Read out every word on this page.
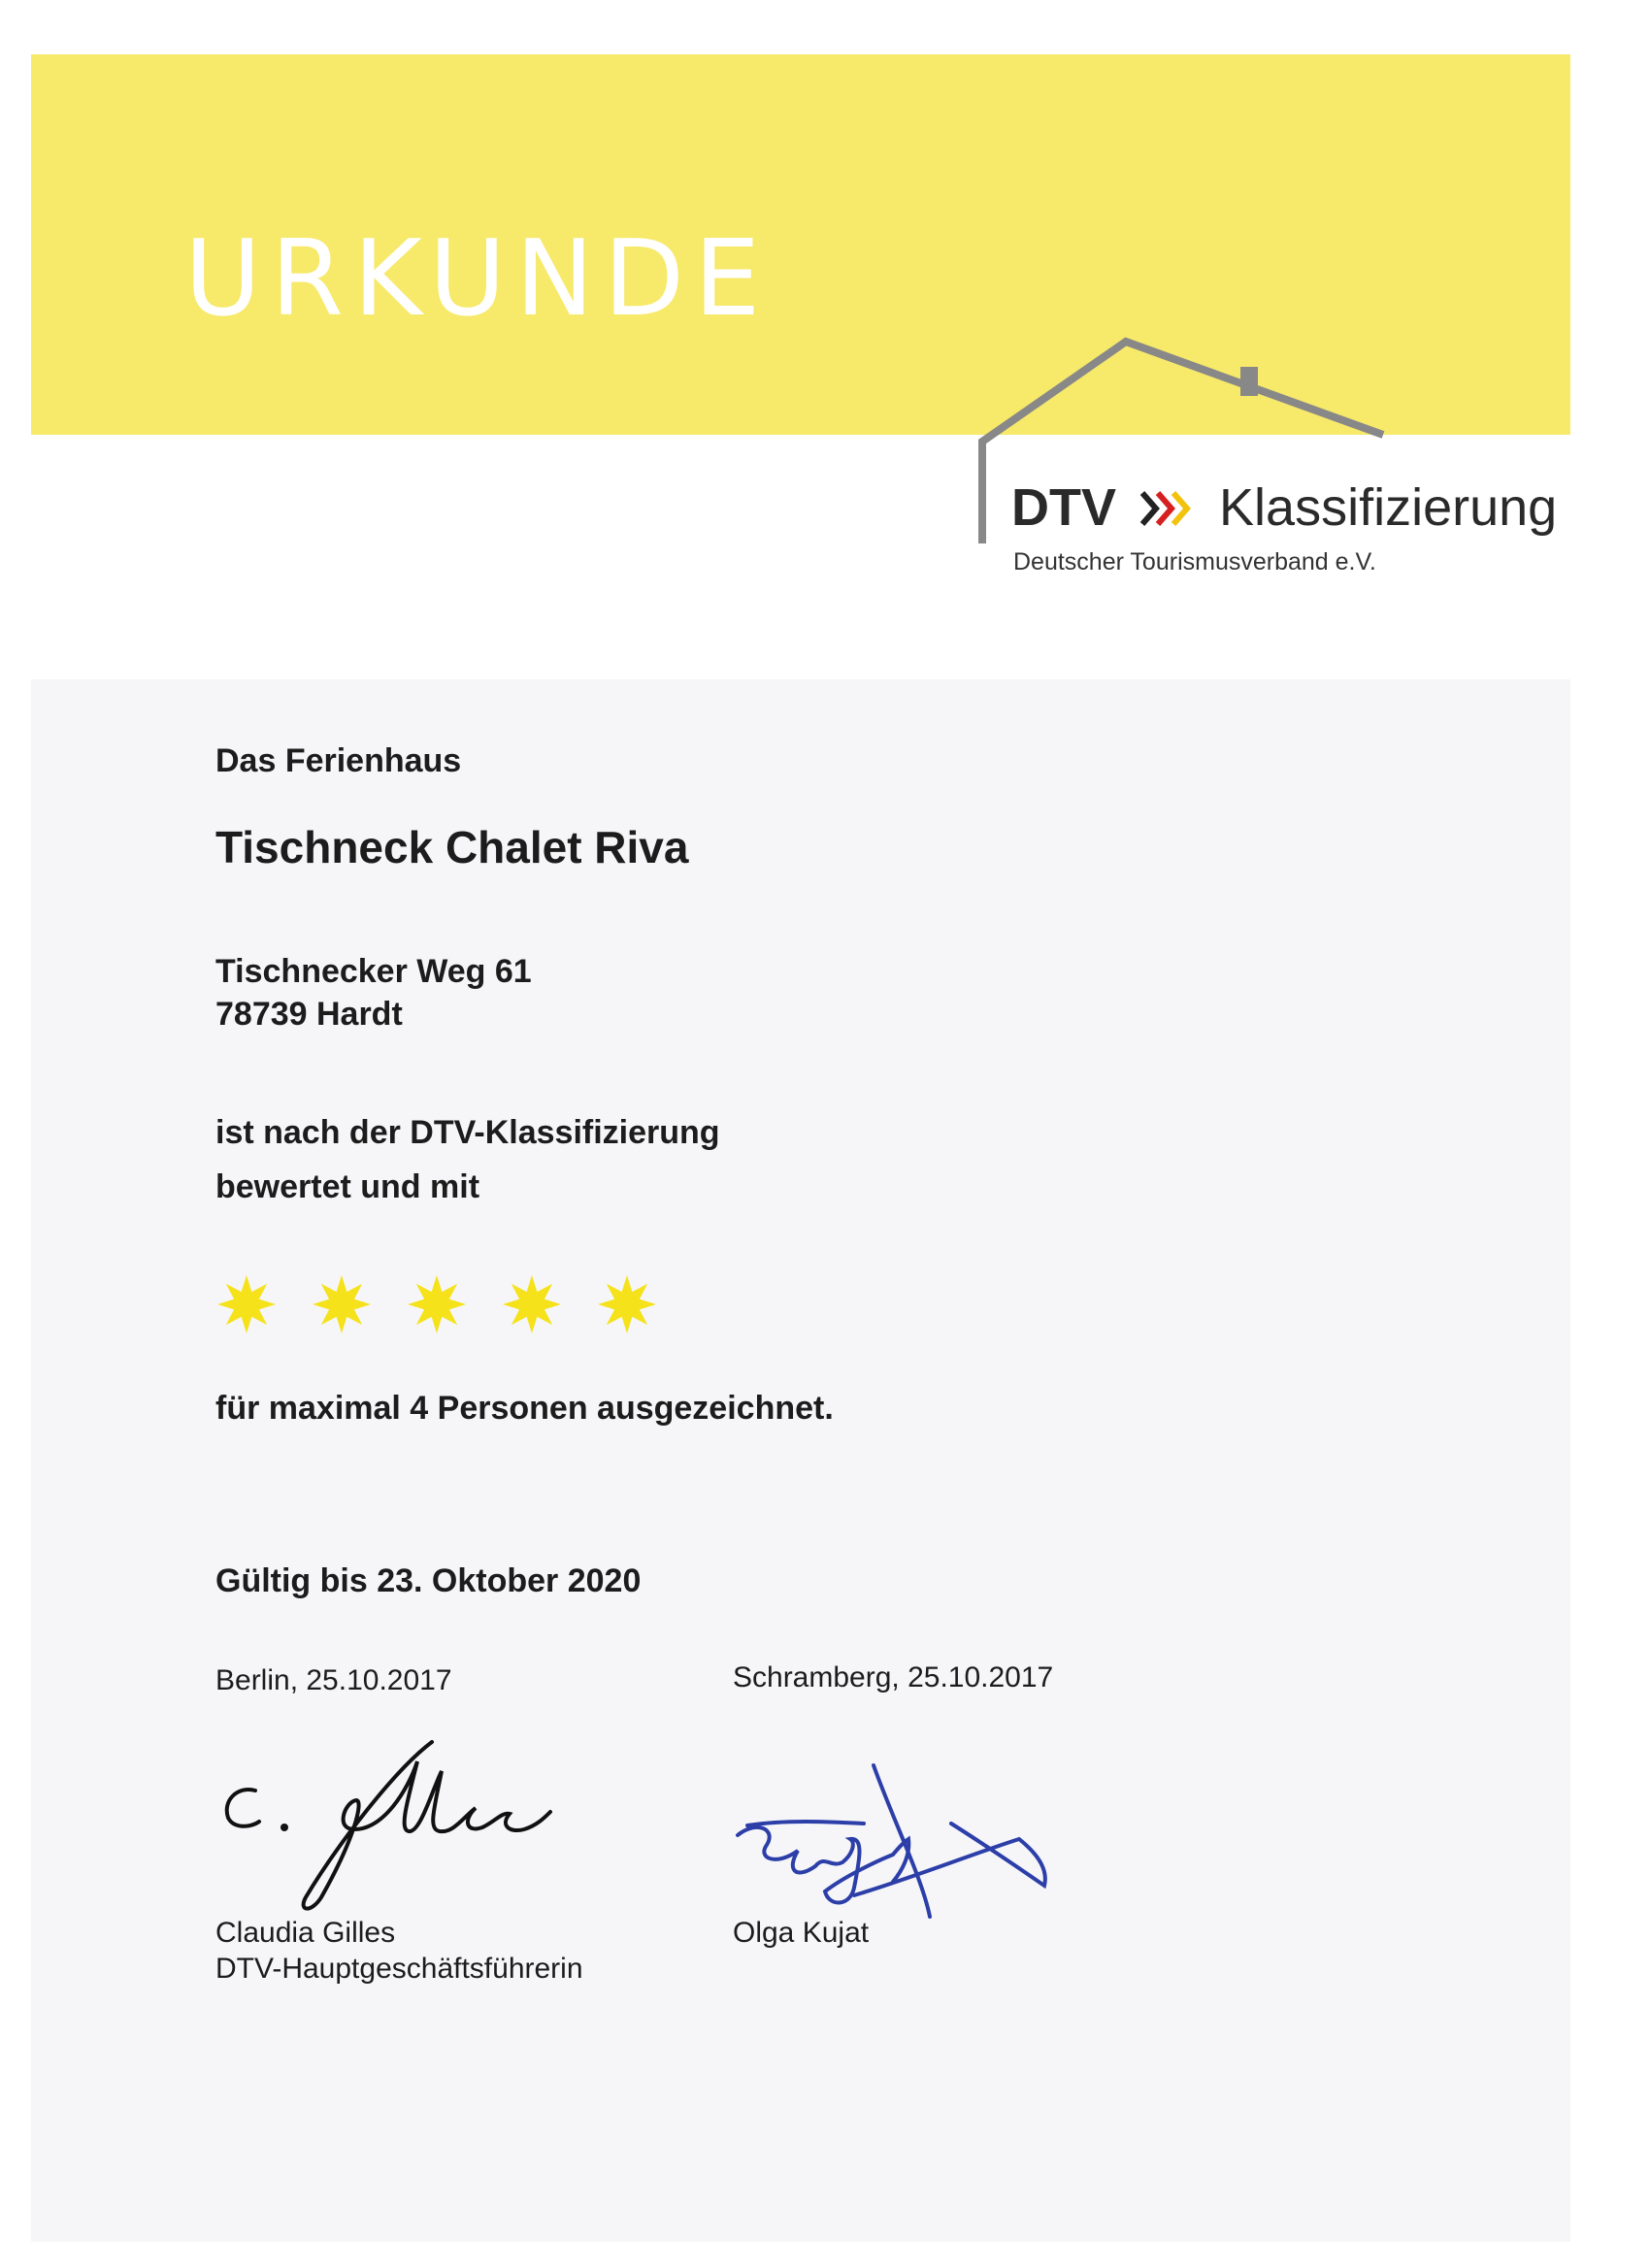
URKUNDE
DTV Klassifizierung
Deutscher Tourismusverband e.V.
Das Ferienhaus
Tischneck Chalet Riva
Tischnecker Weg 61
78739 Hardt
ist nach der DTV-Klassifizierung
bewertet und mit
für maximal 4 Personen ausgezeichnet.
Gültig bis 23. Oktober 2020
Berlin, 25.10.2017	Schramberg, 25.10.2017
Claudia Gilles
DTV-Hauptgeschäftsführerin
Olga Kujat
